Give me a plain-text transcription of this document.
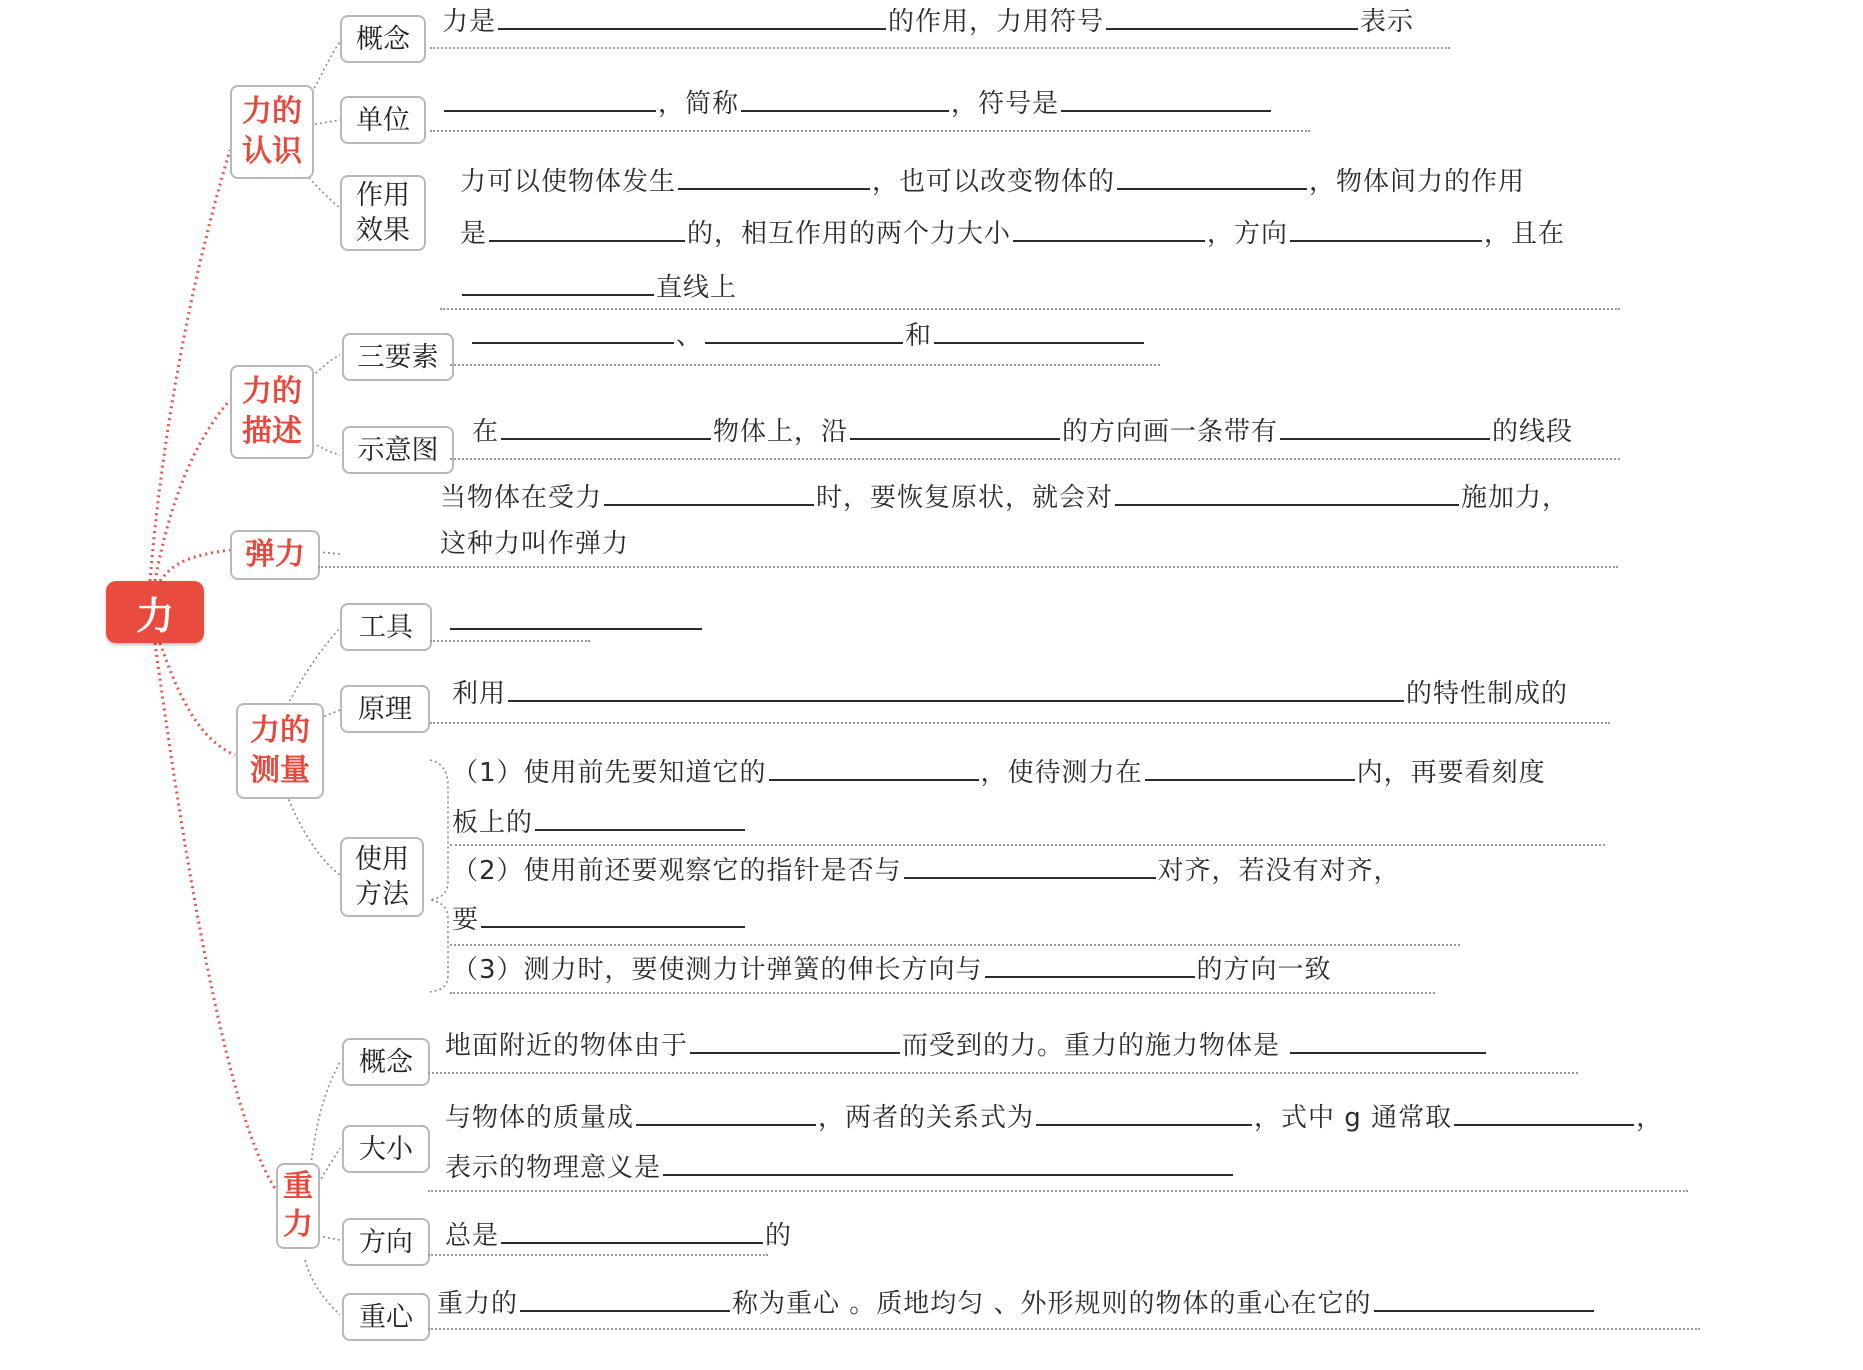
力
力的
认识
力的
描述
弹力
力的
测量
重
力
概念
单位
作用
效果
三要素
示意图
工具
原理
使用
方法
概念
大小
方向
重心
力是	的作用，力用符号	表示
，简称	，符号是
力可以使物体发生	，也可以改变物体的	，物体间力的作用
是	的，相互作用的两个力大小	，方向	，且在
直线上
、	和
在	物体上，沿	的方向画一条带有	的线段
当物体在受力	时，要恢复原状，就会对	施加力，
这种力叫作弹力
利用	的特性制成的
（1）使用前先要知道它的	，使待测力在	内，再要看刻度
板上的
（2）使用前还要观察它的指针是否与	对齐，若没有对齐，
要
（3）测力时，要使测力计弹簧的伸长方向与	的方向一致
地面附近的物体由于	而受到的力。重力的施力物体是
与物体的质量成	，两者的关系式为	，式中 g 通常取	，
表示的物理意义是
总是	的
重力的	称为重心 。质地均匀 、外形规则的物体的重心在它的
